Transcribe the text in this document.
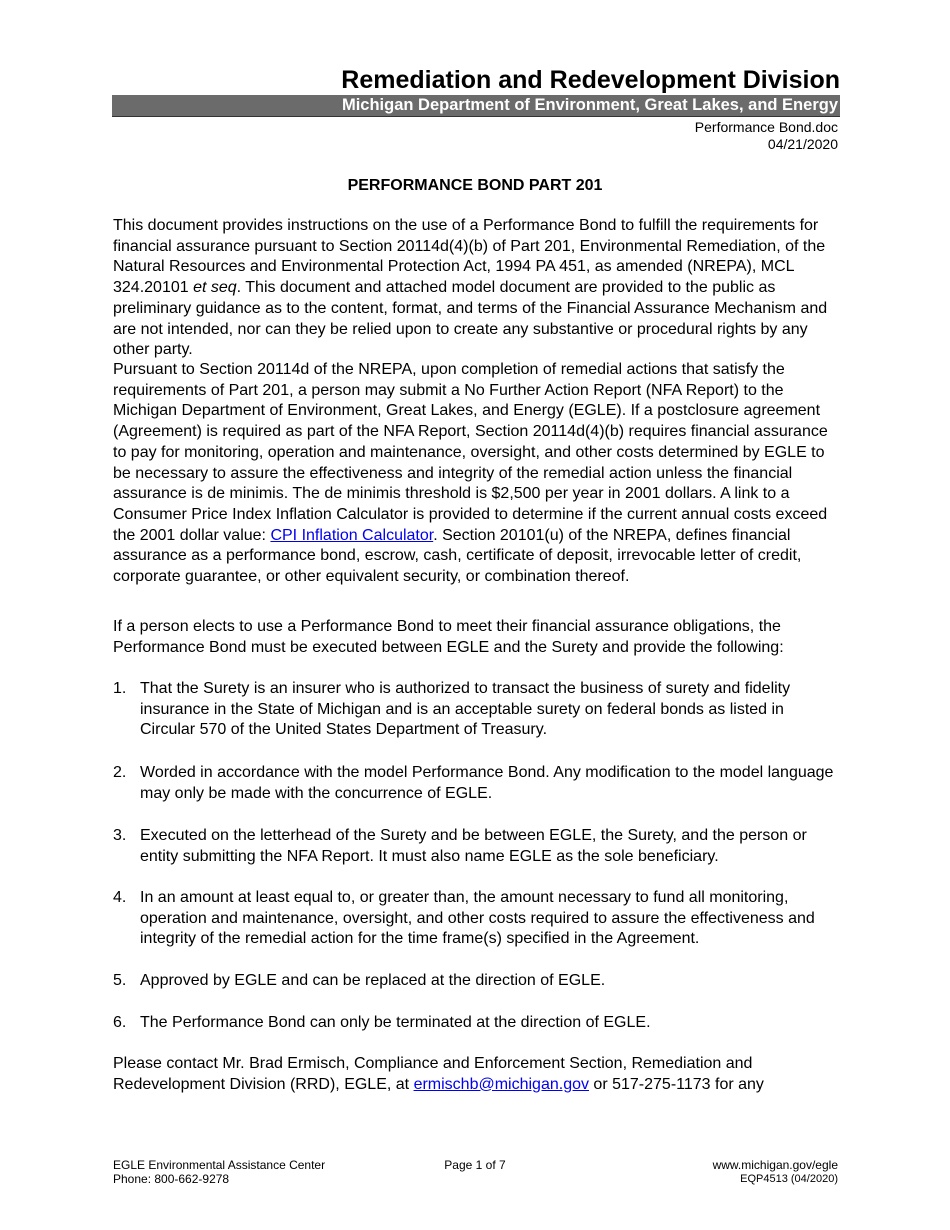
Remediation and Redevelopment Division
Michigan Department of Environment, Great Lakes, and Energy
Performance Bond.doc
04/21/2020
PERFORMANCE BOND PART 201
This document provides instructions on the use of a Performance Bond to fulfill the requirements for financial assurance pursuant to Section 20114d(4)(b) of Part 201, Environmental Remediation, of the Natural Resources and Environmental Protection Act, 1994 PA 451, as amended (NREPA), MCL 324.20101 et seq. This document and attached model document are provided to the public as preliminary guidance as to the content, format, and terms of the Financial Assurance Mechanism and are not intended, nor can they be relied upon to create any substantive or procedural rights by any other party.
Pursuant to Section 20114d of the NREPA, upon completion of remedial actions that satisfy the requirements of Part 201, a person may submit a No Further Action Report (NFA Report) to the Michigan Department of Environment, Great Lakes, and Energy (EGLE). If a postclosure agreement (Agreement) is required as part of the NFA Report, Section 20114d(4)(b) requires financial assurance to pay for monitoring, operation and maintenance, oversight, and other costs determined by EGLE to be necessary to assure the effectiveness and integrity of the remedial action unless the financial assurance is de minimis. The de minimis threshold is $2,500 per year in 2001 dollars. A link to a Consumer Price Index Inflation Calculator is provided to determine if the current annual costs exceed the 2001 dollar value: CPI Inflation Calculator. Section 20101(u) of the NREPA, defines financial assurance as a performance bond, escrow, cash, certificate of deposit, irrevocable letter of credit, corporate guarantee, or other equivalent security, or combination thereof.
If a person elects to use a Performance Bond to meet their financial assurance obligations, the Performance Bond must be executed between EGLE and the Surety and provide the following:
1. That the Surety is an insurer who is authorized to transact the business of surety and fidelity insurance in the State of Michigan and is an acceptable surety on federal bonds as listed in Circular 570 of the United States Department of Treasury.
2. Worded in accordance with the model Performance Bond. Any modification to the model language may only be made with the concurrence of EGLE.
3. Executed on the letterhead of the Surety and be between EGLE, the Surety, and the person or entity submitting the NFA Report. It must also name EGLE as the sole beneficiary.
4. In an amount at least equal to, or greater than, the amount necessary to fund all monitoring, operation and maintenance, oversight, and other costs required to assure the effectiveness and integrity of the remedial action for the time frame(s) specified in the Agreement.
5. Approved by EGLE and can be replaced at the direction of EGLE.
6. The Performance Bond can only be terminated at the direction of EGLE.
Please contact Mr. Brad Ermisch, Compliance and Enforcement Section, Remediation and Redevelopment Division (RRD), EGLE, at ermischb@michigan.gov or 517-275-1173 for any
EGLE Environmental Assistance Center
Phone: 800-662-9278
Page 1 of 7	www.michigan.gov/egle
EQP4513 (04/2020)
